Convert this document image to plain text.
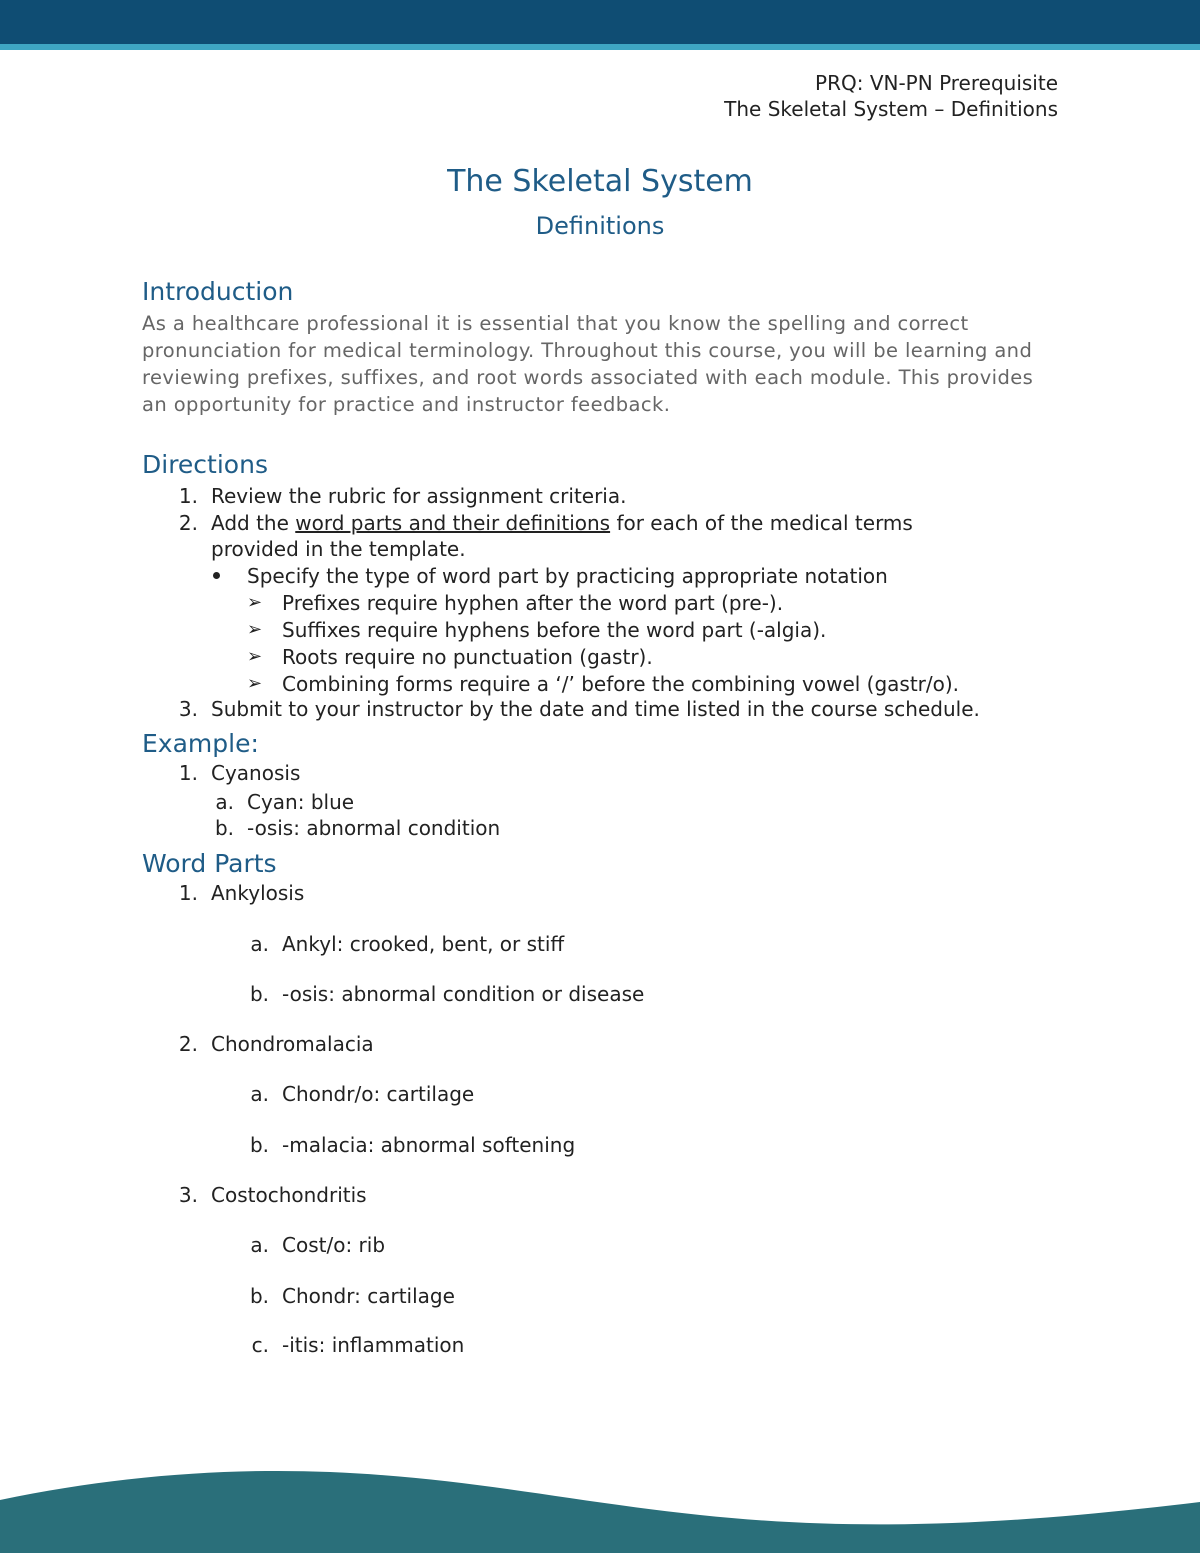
PRQ: VN-PN Prerequisite
The Skeletal System – Definitions
The Skeletal System
Definitions
Introduction

As a healthcare professional it is essential that you know the spelling and correct pronunciation for medical terminology. Throughout this course, you will be learning and reviewing prefixes, suffixes, and root words associated with each module. This provides an opportunity for practice and instructor feedback.

Directions
1. Review the rubric for assignment criteria.
2. Add the word parts and their definitions for each of the medical terms
provided in the template.
Specify the type of word part by practicing appropriate notation
➢ Prefixes require hyphen after the word part (pre-).
➢ Suffixes require hyphens before the word part (-algia).
➢ Roots require no punctuation (gastr).
➢ Combining forms require a ‘/’ before the combining vowel (gastr/o).
3. Submit to your instructor by the date and time listed in the course schedule.
Example:
1. Cyanosis
a. Cyan: blue
b. -osis: abnormal condition
Word Parts
1. Ankylosis
a. Ankyl: crooked, bent, or stiff
b. -osis: abnormal condition or disease
2. Chondromalacia
a. Chondr/o: cartilage
b. -malacia: abnormal softening
3. Costochondritis
a. Cost/o: rib
b. Chondr: cartilage
c. -itis: inflammation
